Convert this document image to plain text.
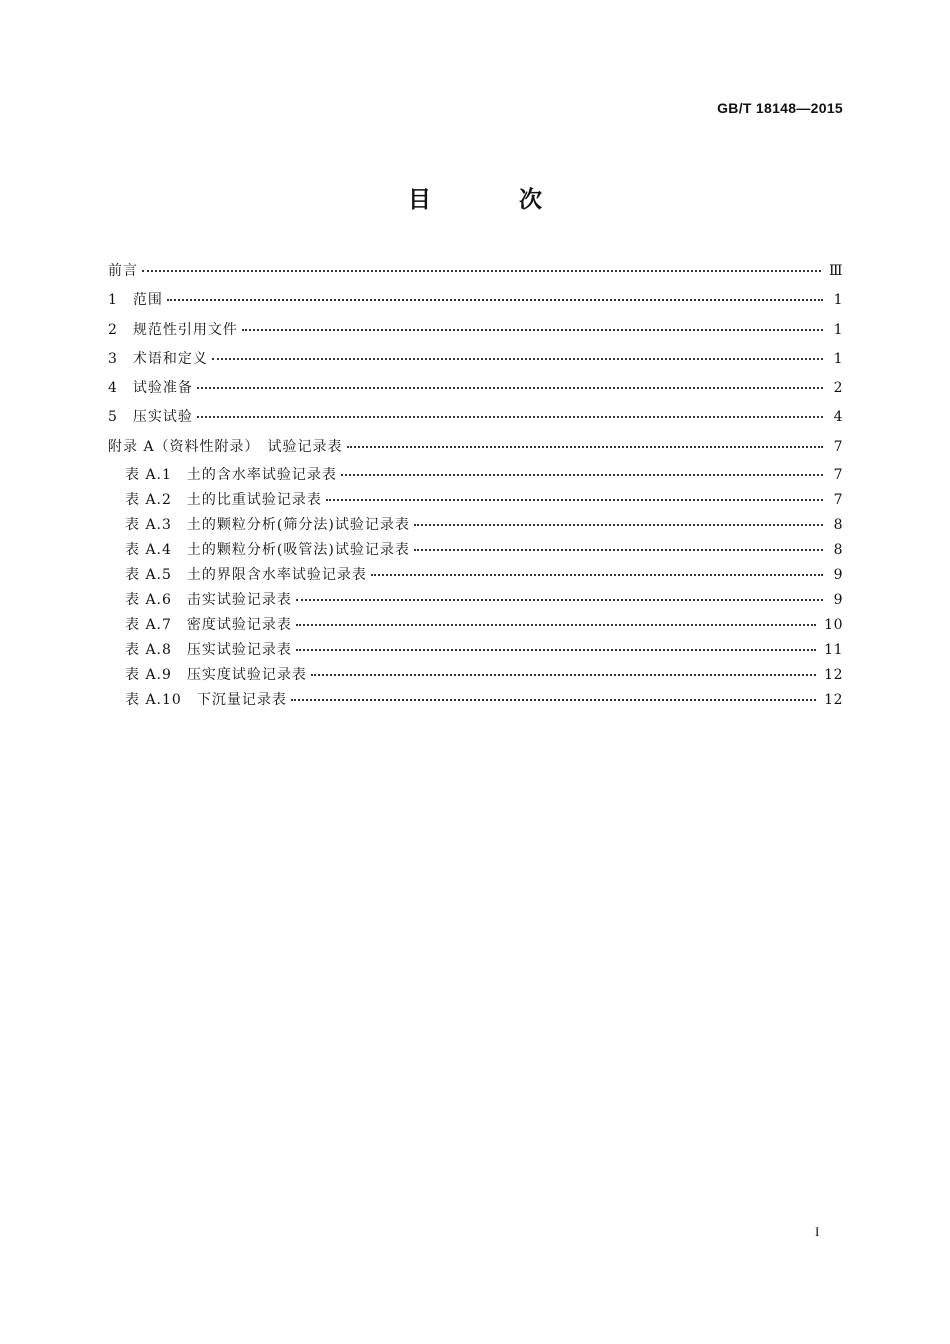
GB/T 18148—2015
目 次
前言	Ⅲ
1　范围	1
2　规范性引用文件	1
3　术语和定义	1
4　试验准备	2
5　压实试验	4
附录 A（资料性附录）　试验记录表	7
表 A.1　土的含水率试验记录表	7
表 A.2　土的比重试验记录表	7
表 A.3　土的颗粒分析(筛分法)试验记录表	8
表 A.4　土的颗粒分析(吸管法)试验记录表	8
表 A.5　土的界限含水率试验记录表	9
表 A.6　击实试验记录表	9
表 A.7　密度试验记录表	10
表 A.8　压实试验记录表	11
表 A.9　压实度试验记录表	12
表 A.10　下沉量记录表	12
I
